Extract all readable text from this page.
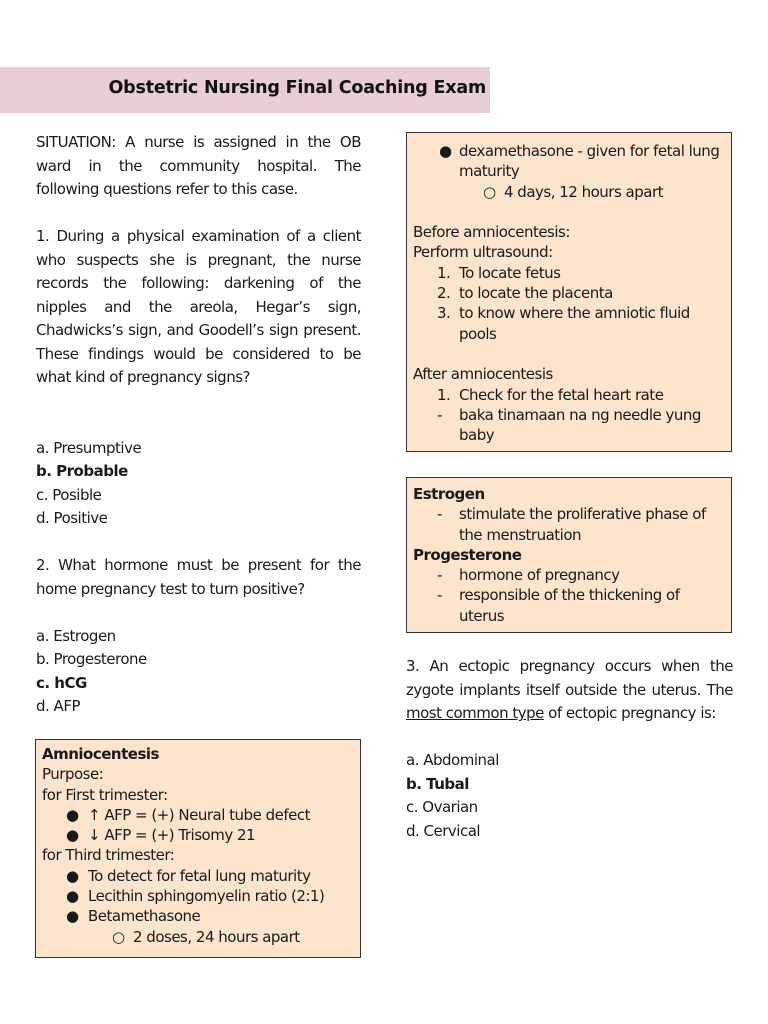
Obstetric Nursing Final Coaching Exam

SITUATION: A nurse is assigned in the OB ward in the community hospital. The following questions refer to this case.

1. During a physical examination of a client who suspects she is pregnant, the nurse records the following: darkening of the nipples and the areola, Hegar’s sign, Chadwicks’s sign, and Goodell’s sign present. These findings would be considered to be what kind of pregnancy signs?

a. Presumptive

b. Probable

c. Posible

d. Positive

2. What hormone must be present for the home pregnancy test to turn positive?

a. Estrogen

b. Progesterone

c. hCG

d. AFP

Amniocentesis
Purpose:
for First trimester:
● ↑ AFP = (+) Neural tube defect
● ↓ AFP = (+) Trisomy 21
for Third trimester:
● To detect for fetal lung maturity
● Lecithin sphingomyelin ratio (2:1)
● Betamethasone
○ 2 doses, 24 hours apart
● dexamethasone - given for fetal lung maturity
○ 4 days, 12 hours apart
Before amniocentesis:
Perform ultrasound:
1. To locate fetus
2. to locate the placenta
3. to know where the amniotic fluid pools
After amniocentesis
1. Check for the fetal heart rate
- baka tinamaan na ng needle yung baby
Estrogen
- stimulate the proliferative phase of the menstruation
Progesterone
- hormone of pregnancy
- responsible of the thickening of uterus

3. An ectopic pregnancy occurs when the zygote implants itself outside the uterus. The most common type of ectopic pregnancy is:

a. Abdominal

b. Tubal

c. Ovarian

d. Cervical
